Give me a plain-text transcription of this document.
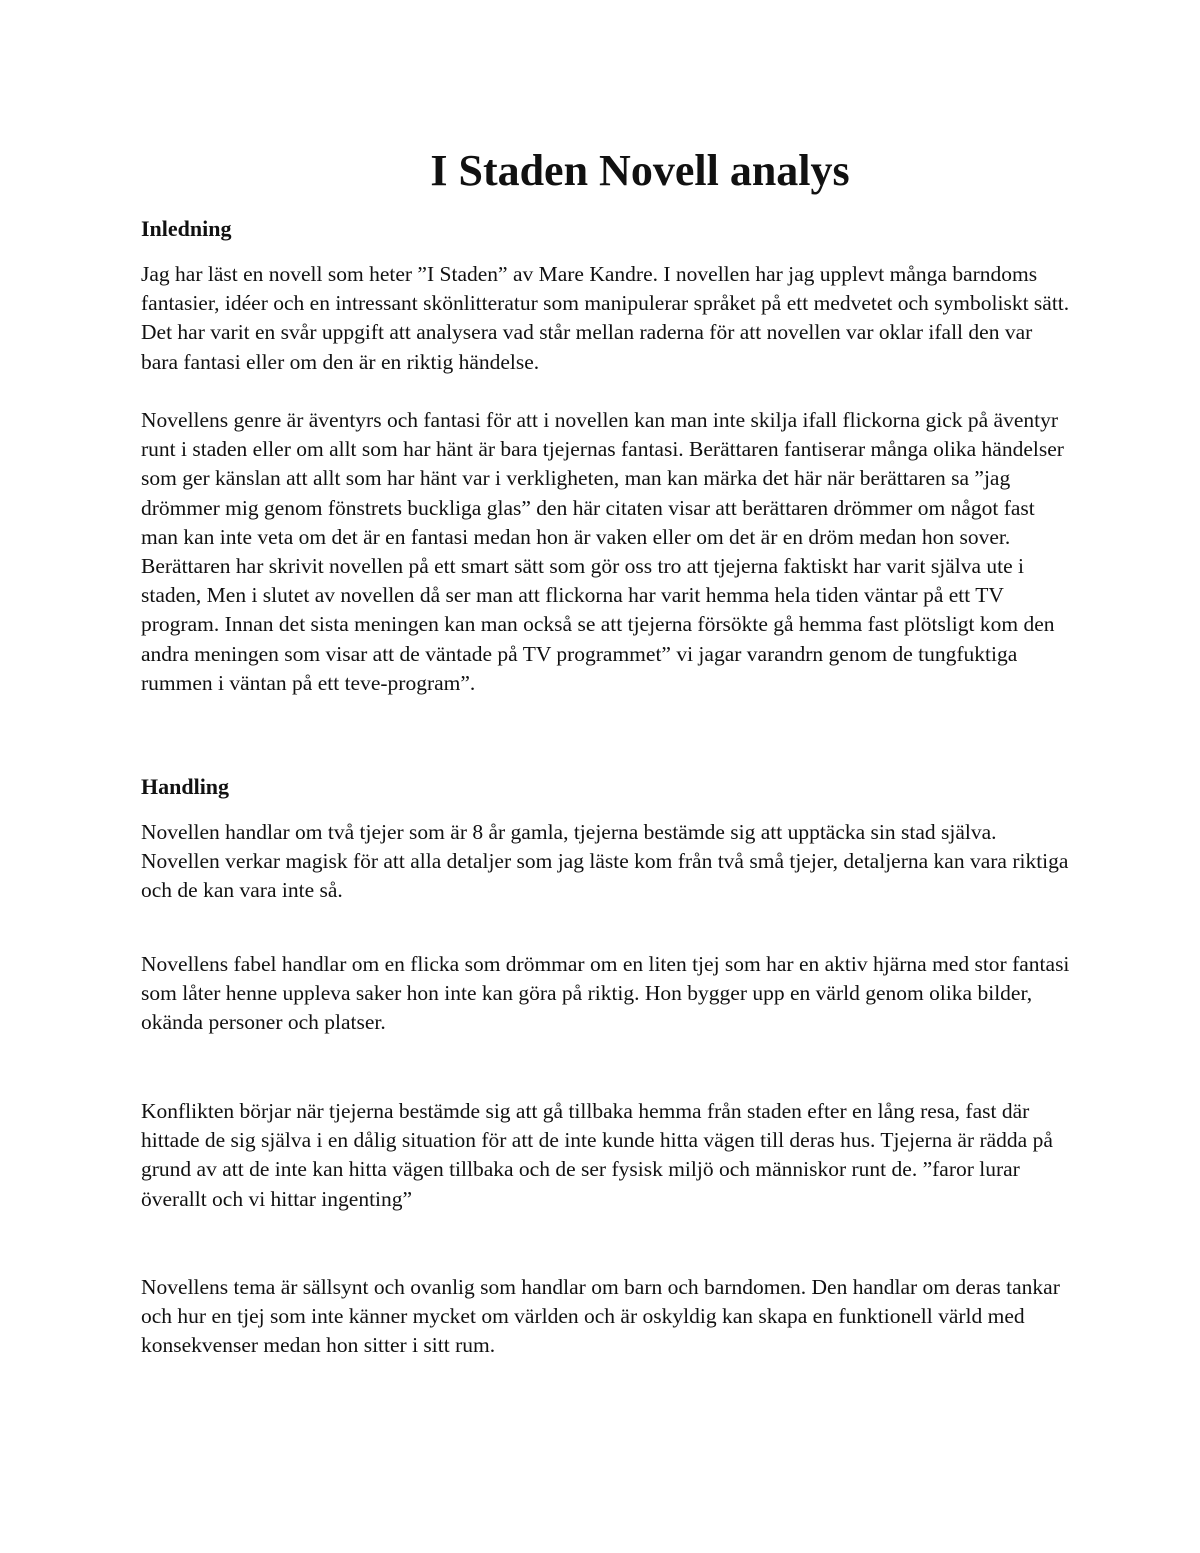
I Staden Novell analys
Inledning

Jag har läst en novell som heter ”I Staden” av Mare Kandre. I novellen har jag upplevt många barndoms fantasier, idéer och en intressant skönlitteratur som manipulerar språket på ett medvetet och symboliskt sätt. Det har varit en svår uppgift att analysera vad står mellan raderna för att novellen var oklar ifall den var bara fantasi eller om den är en riktig händelse.

Novellens genre är äventyrs och fantasi för att i novellen kan man inte skilja ifall flickorna gick på äventyr runt i staden eller om allt som har hänt är bara tjejernas fantasi. Berättaren fantiserar många olika händelser som ger känslan att allt som har hänt var i verkligheten, man kan märka det här när berättaren sa ”jag drömmer mig genom fönstrets buckliga glas” den här citaten visar att berättaren drömmer om något fast man kan inte veta om det är en fantasi medan hon är vaken eller om det är en dröm medan hon sover. Berättaren har skrivit novellen på ett smart sätt som gör oss tro att tjejerna faktiskt har varit själva ute i staden, Men i slutet av novellen då ser man att flickorna har varit hemma hela tiden väntar på ett TV program. Innan det sista meningen kan man också se att tjejerna försökte gå hemma fast plötsligt kom den andra meningen som visar att de väntade på TV programmet” vi jagar varandrn genom de tungfuktiga rummen i väntan på ett teve-program”.

Handling

Novellen handlar om två tjejer som är 8 år gamla, tjejerna bestämde sig att upptäcka sin stad själva. Novellen verkar magisk för att alla detaljer som jag läste kom från två små tjejer, detaljerna kan vara riktiga och de kan vara inte så.

Novellens fabel handlar om en flicka som drömmar om en liten tjej som har en aktiv hjärna med stor fantasi som låter henne uppleva saker hon inte kan göra på riktig. Hon bygger upp en värld genom olika bilder, okända personer och platser.

Konflikten börjar när tjejerna bestämde sig att gå tillbaka hemma från staden efter en lång resa, fast där hittade de sig själva i en dålig situation för att de inte kunde hitta vägen till deras hus. Tjejerna är rädda på grund av att de inte kan hitta vägen tillbaka och de ser fysisk miljö och människor runt de. ”faror lurar överallt och vi hittar ingenting”

Novellens tema är sällsynt och ovanlig som handlar om barn och barndomen. Den handlar om deras tankar och hur en tjej som inte känner mycket om världen och är oskyldig kan skapa en funktionell värld med konsekvenser medan hon sitter i sitt rum.
